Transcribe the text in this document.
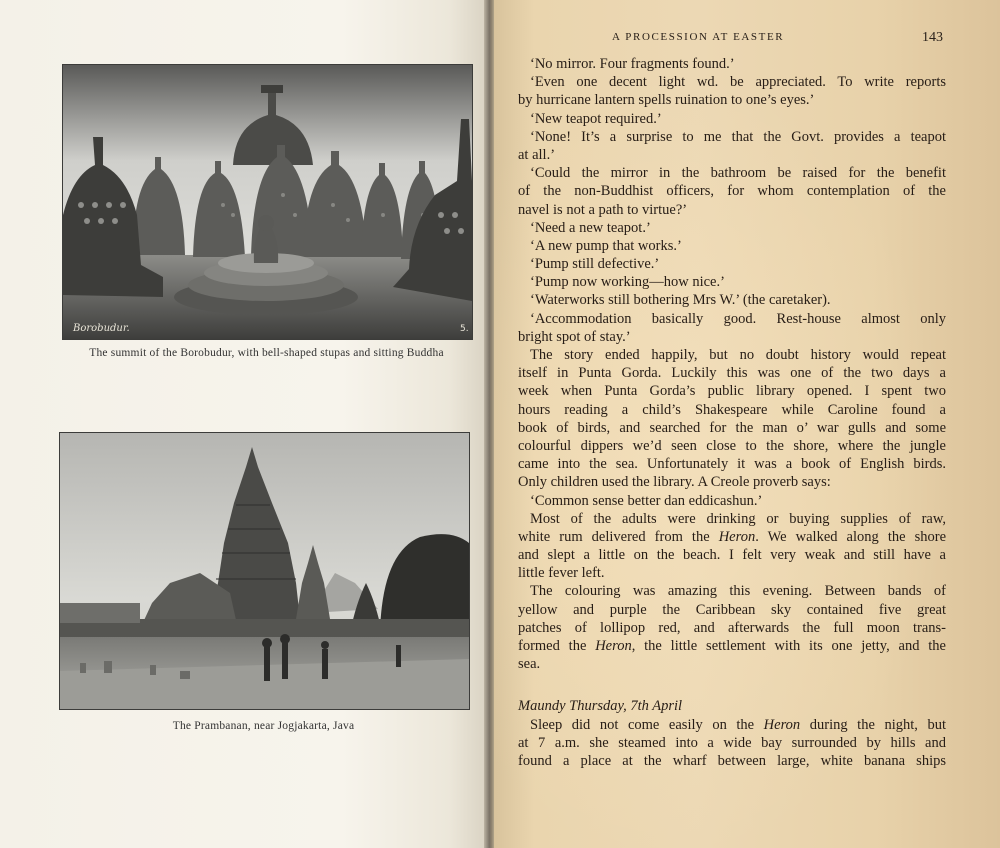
Borobudur.	5.
The summit of the Borobudur, with bell-shaped stupas and sitting Buddha
The Prambanan, near Jogjakarta, Java
A PROCESSION AT EASTER	143
‘No mirror. Four fragments found.’
‘Even one decent light wd. be appreciated. To write reports
by hurricane lantern spells ruination to one’s eyes.’
‘New teapot required.’
‘None! It’s a surprise to me that the Govt. provides a teapot
at all.’
‘Could the mirror in the bathroom be raised for the benefit
of the non-Buddhist officers, for whom contemplation of the
navel is not a path to virtue?’
‘Need a new teapot.’
‘A new pump that works.’
‘Pump still defective.’
‘Pump now working—how nice.’
‘Waterworks still bothering Mrs W.’ (the caretaker).
‘Accommodation basically good. Rest-house almost only
bright spot of stay.’
The story ended happily, but no doubt history would repeat
itself in Punta Gorda. Luckily this was one of the two days a
week when Punta Gorda’s public library opened. I spent two
hours reading a child’s Shakespeare while Caroline found a
book of birds, and searched for the man o’ war gulls and some
colourful dippers we’d seen close to the shore, where the jungle
came into the sea. Unfortunately it was a book of English birds.
Only children used the library. A Creole proverb says:
‘Common sense better dan eddicashun.’
Most of the adults were drinking or buying supplies of raw,
white rum delivered from the Heron. We walked along the shore
and slept a little on the beach. I felt very weak and still have a
little fever left.
The colouring was amazing this evening. Between bands of
yellow and purple the Caribbean sky contained five great
patches of lollipop red, and afterwards the full moon trans-
formed the Heron, the little settlement with its one jetty, and the
sea.
Maundy Thursday, 7th April
Sleep did not come easily on the Heron during the night, but
at 7 a.m. she steamed into a wide bay surrounded by hills and
found a place at the wharf between large, white banana ships
